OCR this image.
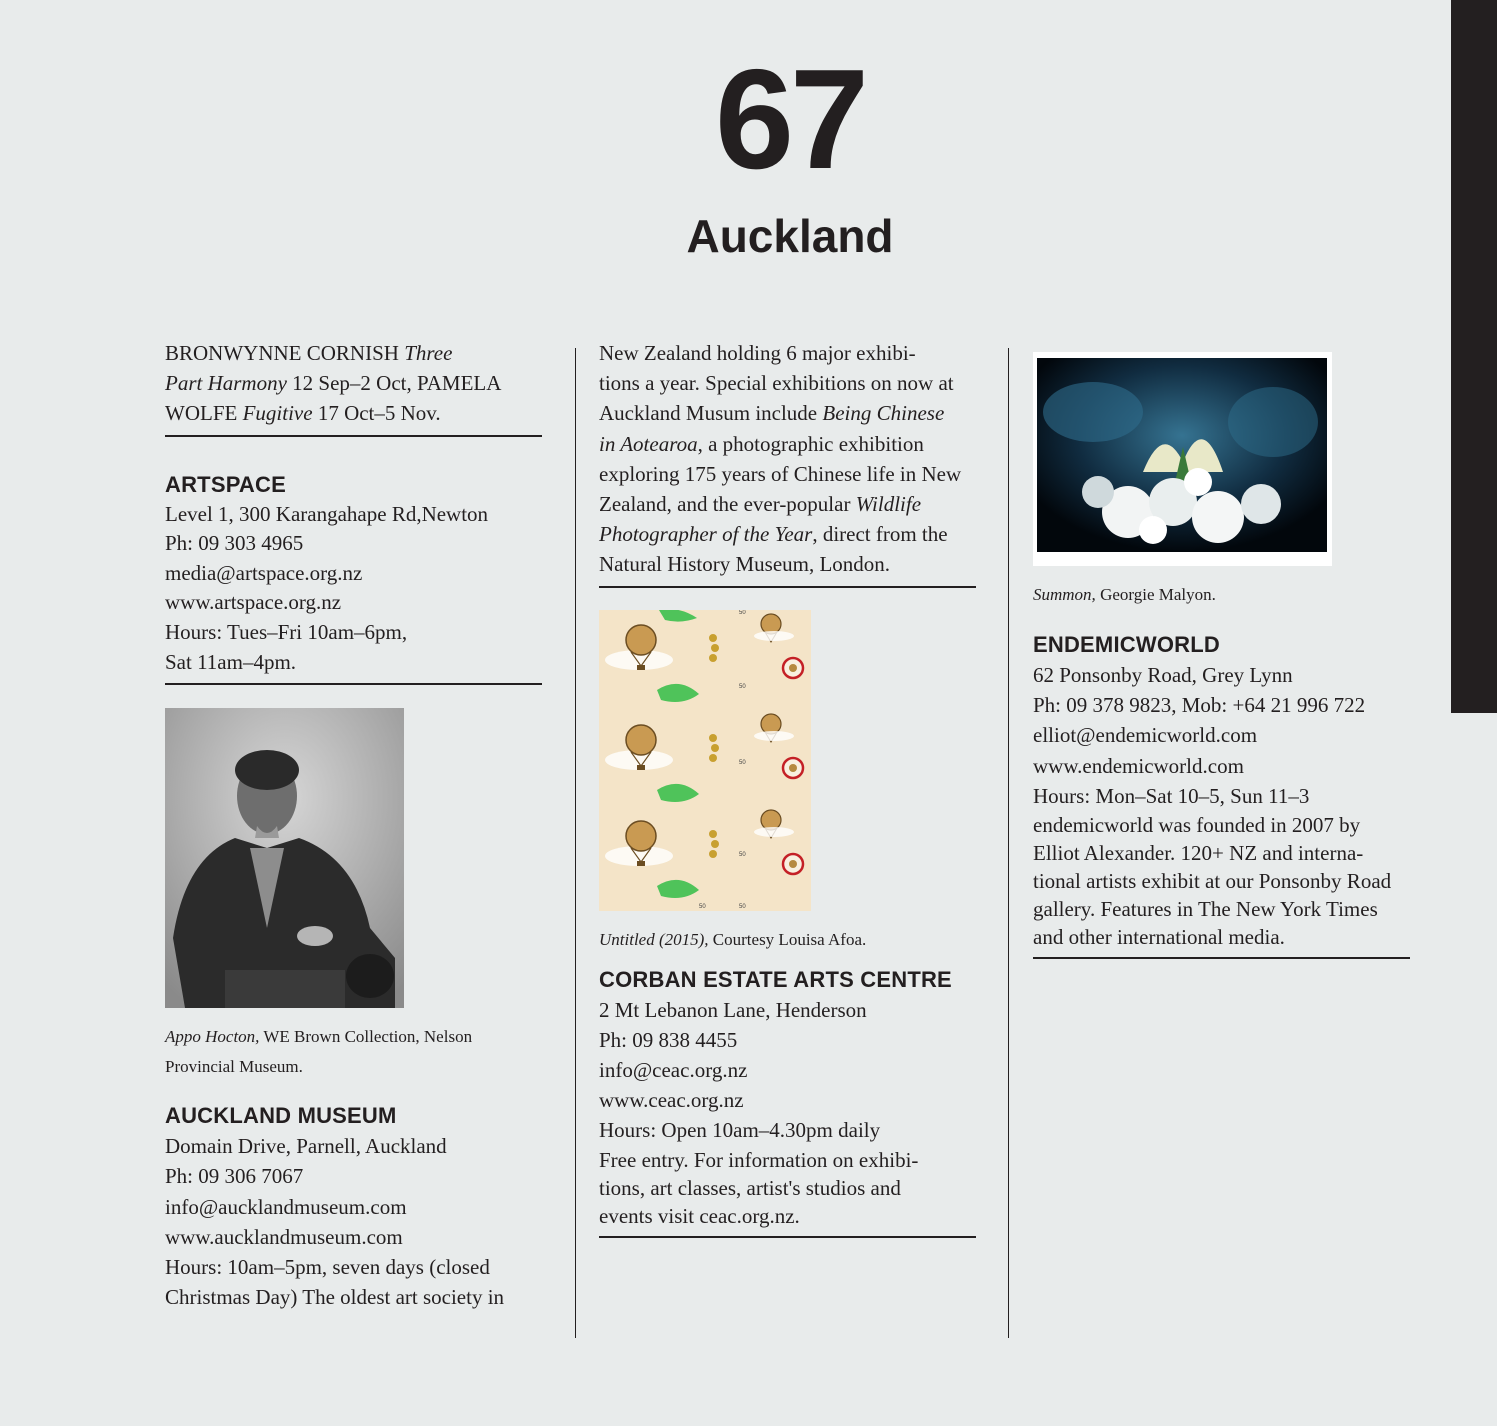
67
Auckland

BRONWYNNE CORNISH Three
Part Harmony 12 Sep–2 Oct, PAMELA
WOLFE Fugitive 17 Oct–5 Nov.

ARTSPACE

Level 1, 300 Karangahape Rd,Newton
Ph: 09 303 4965
media@artspace.org.nz
www.artspace.org.nz
Hours: Tues–Fri 10am–6pm,
Sat 11am–4pm.

Appo Hocton, WE Brown Collection, Nelson
Provincial Museum.

AUCKLAND MUSEUM

Domain Drive, Parnell, Auckland
Ph: 09 306 7067
info@aucklandmuseum.com
www.aucklandmuseum.com
Hours: 10am–5pm, seven days (closed
Christmas Day) The oldest art society in

New Zealand holding 6 major exhibi-
tions a year. Special exhibitions on now at
Auckland Musum include Being Chinese
in Aotearoa, a photographic exhibition
exploring 175 years of Chinese life in New
Zealand, and the ever-popular Wildlife
Photographer of the Year, direct from the
Natural History Museum, London.

50
50
50
50
50
50

Untitled (2015), Courtesy Louisa Afoa.

CORBAN ESTATE ARTS CENTRE

2 Mt Lebanon Lane, Henderson
Ph: 09 838 4455
info@ceac.org.nz
www.ceac.org.nz
Hours: Open 10am–4.30pm daily
Free entry. For information on exhibi-
tions, art classes, artist's studios and
events visit ceac.org.nz.

Summon, Georgie Malyon.

ENDEMICWORLD

62 Ponsonby Road, Grey Lynn
Ph: 09 378 9823, Mob: +64 21 996 722
elliot@endemicworld.com
www.endemicworld.com
Hours: Mon–Sat 10–5, Sun 11–3
endemicworld was founded in 2007 by
Elliot Alexander. 120+ NZ and interna-
tional artists exhibit at our Ponsonby Road
gallery. Features in The New York Times
and other international media.
